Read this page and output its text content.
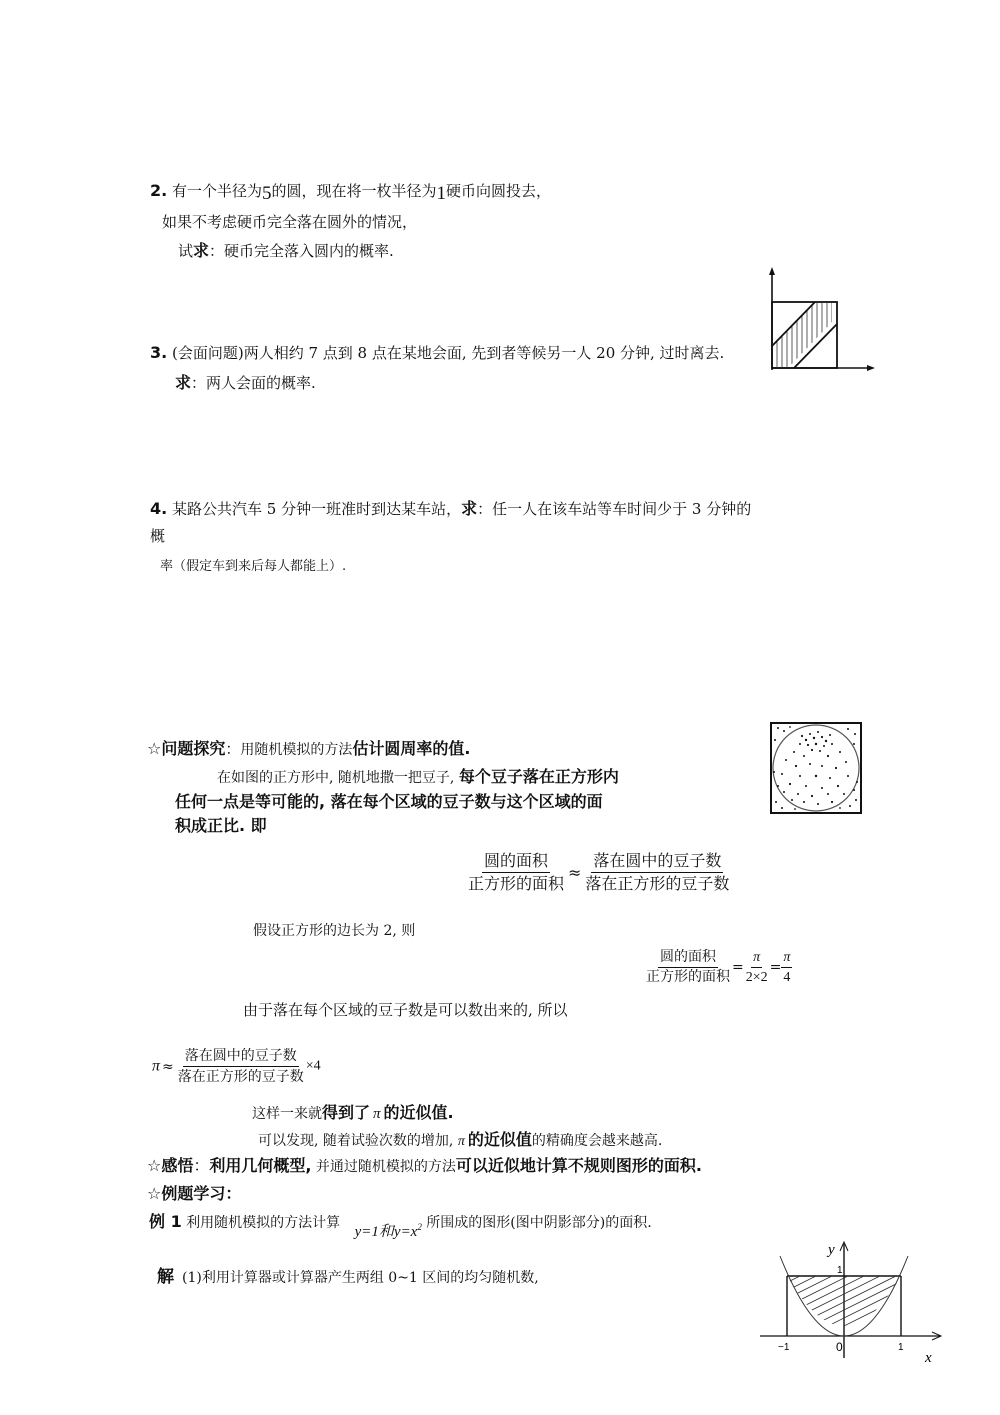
2. 有一个半径为5的圆，现在将一枚半径为1硬币向圆投去，
如果不考虑硬币完全落在圆外的情况，
试求：硬币完全落入圆内的概率.
3. (会面问题)两人相约 7 点到 8 点在某地会面, 先到者等候另一人 20 分钟, 过时离去.
求：两人会面的概率.
4. 某路公共汽车 5 分钟一班准时到达某车站，求：任一人在该车站等车时间少于 3 分钟的
概
率（假定车到来后每人都能上）.
☆问题探究：用随机模拟的方法估计圆周率的值.
在如图的正方形中, 随机地撒一把豆子, 每个豆子落在正方形内
任何一点是等可能的, 落在每个区域的豆子数与这个区域的面
积成正比. 即
$\frac{\text{圆的面积}}{\text{正方形的面积}} \approx \frac{\text{落在圆中的豆子数}}{\text{落在正方形的豆子数}}$
假设正方形的边长为 2, 则
$\frac{\text{圆的面积}}{\text{正方形的面积}} = \frac{\pi}{2\times 2} = \frac{\pi}{4}$
由于落在每个区域的豆子数是可以数出来的, 所以
$\pi \approx \frac{\text{落在圆中的豆子数}}{\text{落在正方形的豆子数}} \times 4$
这样一来就得到了 π 的近似值.
可以发现, 随着试验次数的增加, π 的近似值的精确度会越来越高.
☆感悟：利用几何概型, 并通过随机模拟的方法可以近似地计算不规则图形的面积.
☆例题学习：
例 1 利用随机模拟的方法计算 y=1和$y=x^2$ 所围成的图形(图中阴影部分)的面积.
解 (1)利用计算器或计算器产生两组 0~1 区间的均匀随机数,
y
1
−1	0	1
x
